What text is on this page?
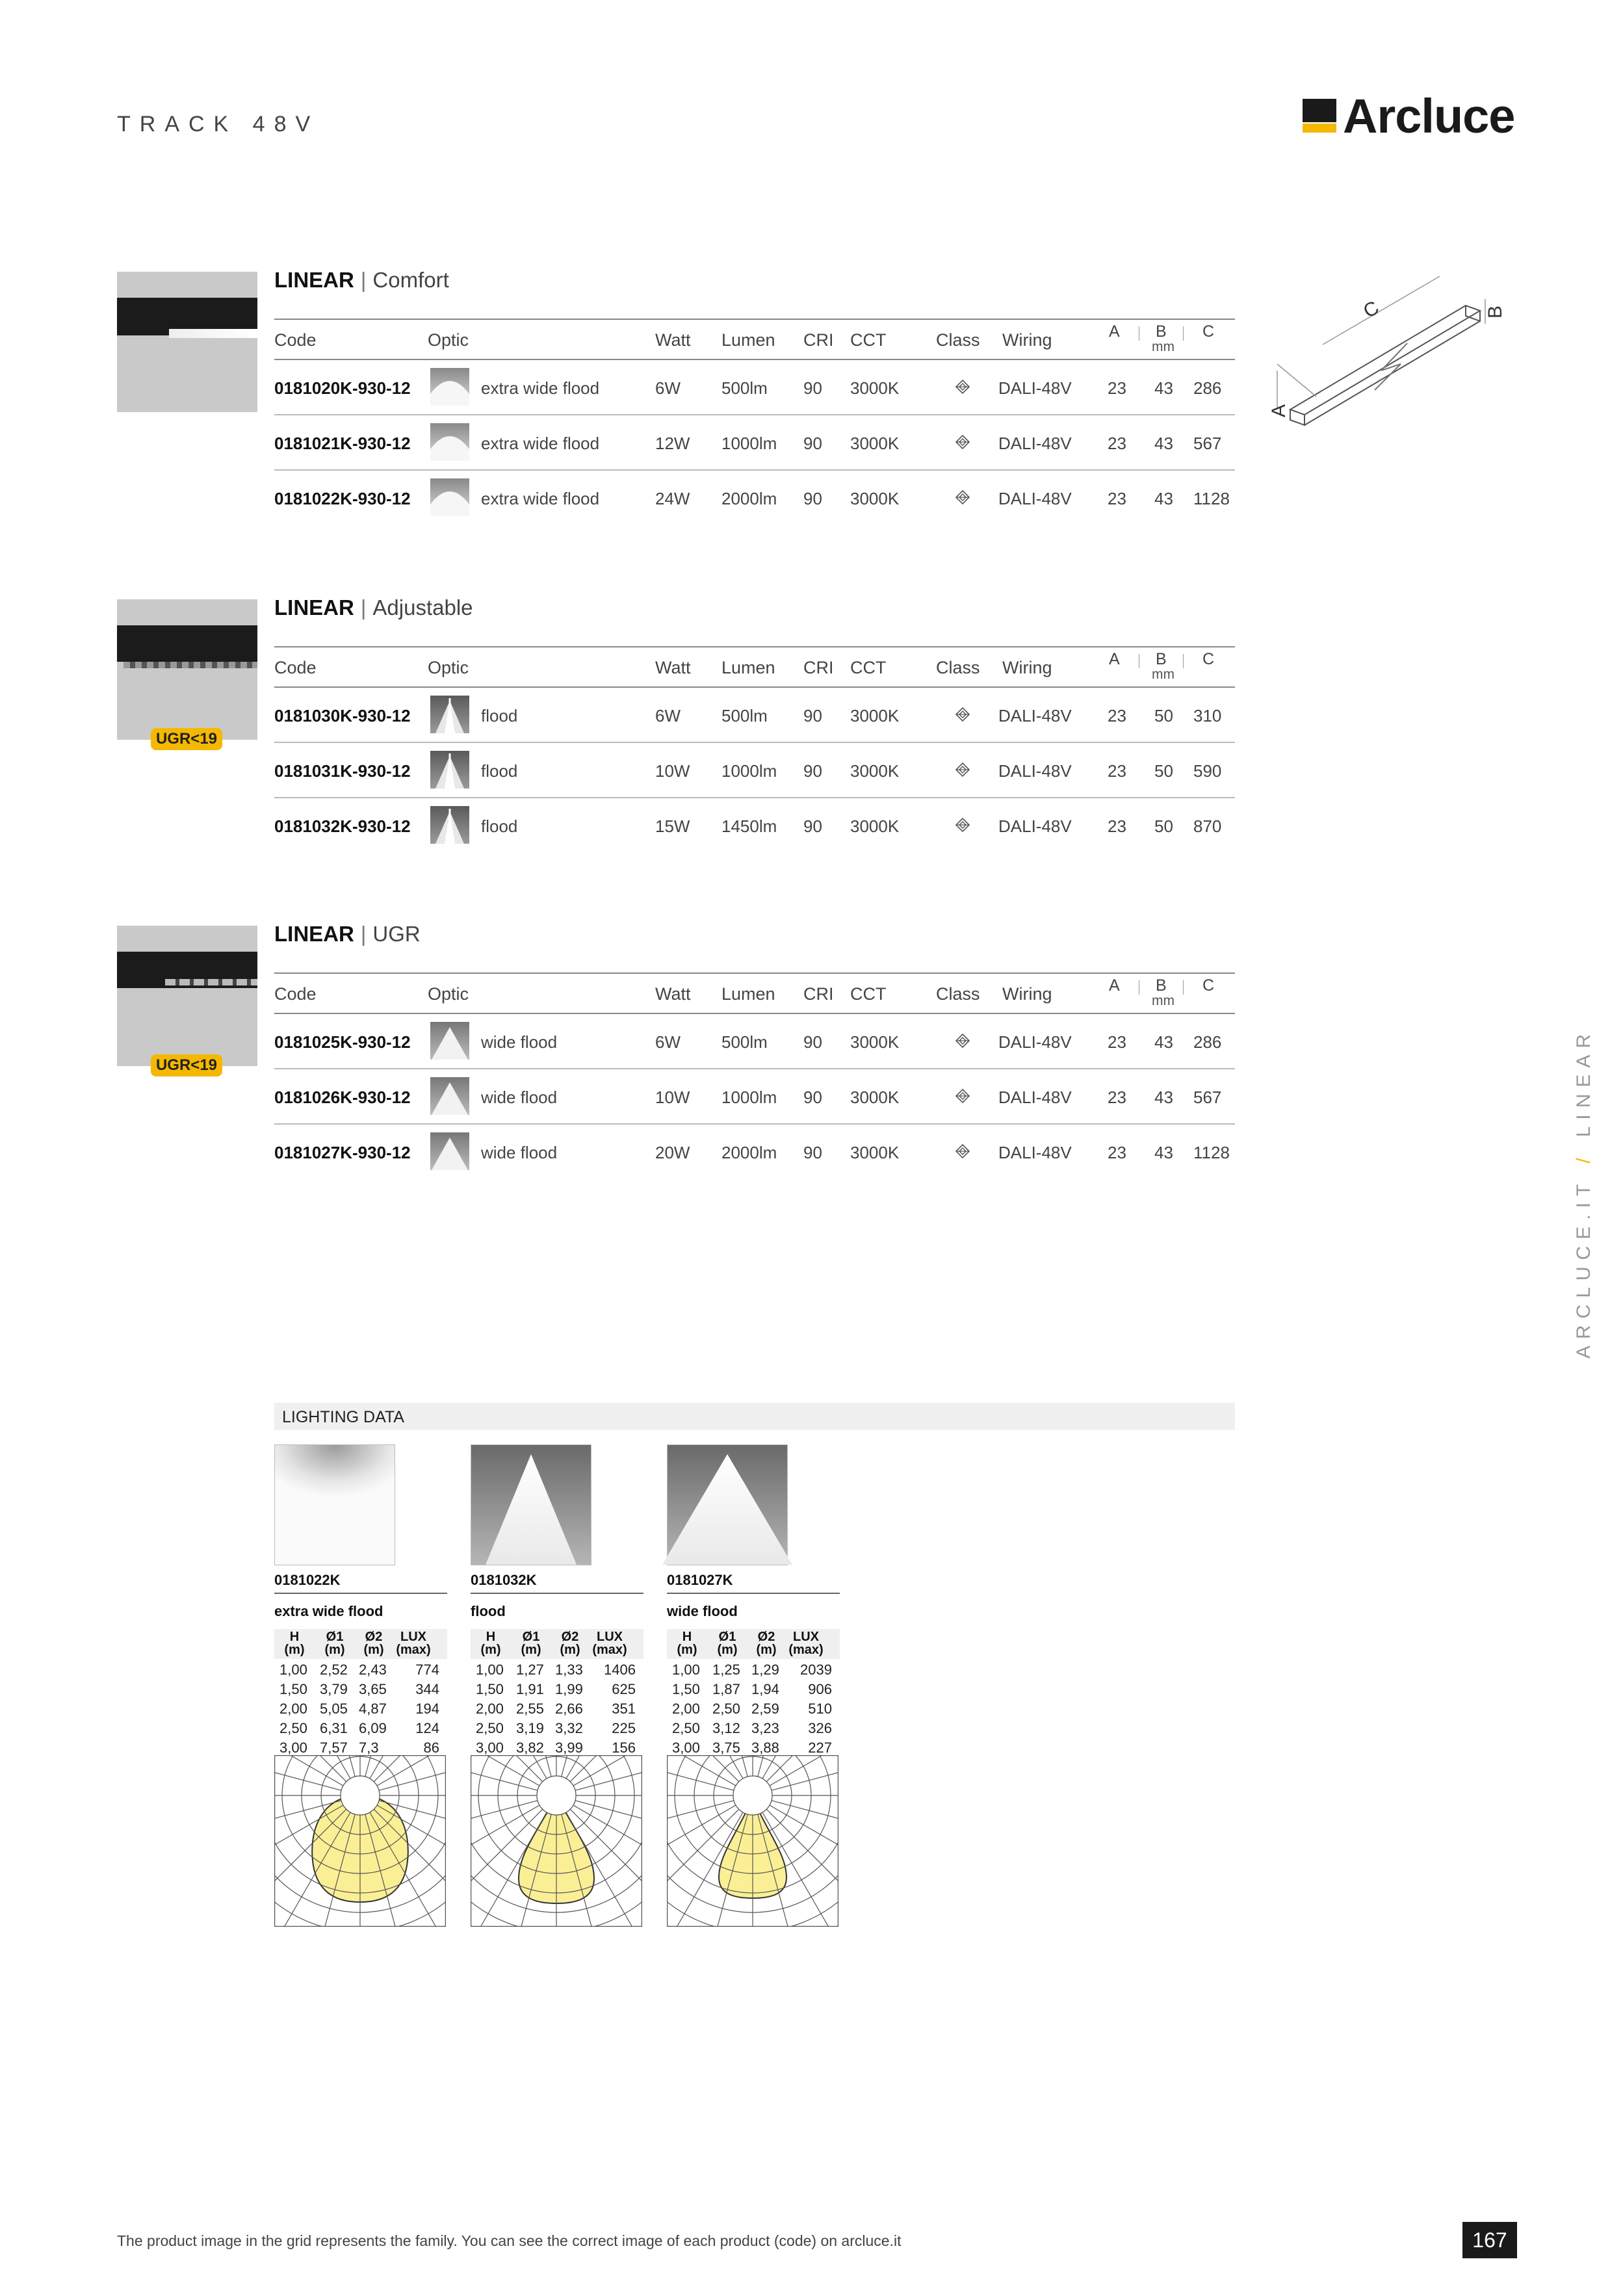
TRACK 48V	Arcluce
C	B
A
UGR<19
UGR<19
LINEAR | Comfort
LINEAR | Adjustable
LINEAR | UGR
Code	Optic	Watt Lumen CRI CCT	Class Wiring	A B C
mm
0181020K-930-12	extra wide flood	6W 500lm 90 3000K	DALI-48V 23 43 286
0181021K-930-12	extra wide flood	12W 1000lm 90 3000K	DALI-48V 23 43 567
0181022K-930-12	extra wide flood	24W 2000lm 90 3000K	DALI-48V 23 43 1128
Code	Optic	Watt Lumen CRI CCT	Class Wiring	A B C
mm
0181030K-930-12	flood	6W 500lm 90 3000K	DALI-48V 23 50 310
0181031K-930-12	flood	10W 1000lm 90 3000K	DALI-48V 23 50 590
0181032K-930-12	flood	15W 1450lm 90 3000K	DALI-48V 23 50 870
Code	Optic	Watt Lumen CRI CCT	Class Wiring	A B C
mm
0181025K-930-12	wide flood	6W 500lm 90 3000K	DALI-48V 23 43 286
0181026K-930-12	wide flood	10W 1000lm 90 3000K	DALI-48V 23 43 567
0181027K-930-12	wide flood	20W 2000lm 90 3000K	DALI-48V 23 43 1128
ARCLUCE.IT/LINEAR
LIGHTING DATA
0181022K
extra wide flood
H
(m)
Ø1
(m)
Ø2
(m)
LUX
(max)
1,00 2,52 2,43 774
1,50 3,79 3,65 344
2,00 5,05 4,87 194
2,50 6,31 6,09 124
3,00 7,57 7,3	86
0181032K
flood
H
(m)
Ø1
(m)
Ø2
(m)
LUX
(max)
1,00 1,27 1,33 1406
1,50 1,91 1,99 625
2,00 2,55 2,66 351
2,50 3,19 3,32 225
3,00 3,82 3,99 156
0181027K
wide flood
H
(m)
Ø1
(m)
Ø2
(m)
LUX
(max)
1,00 1,25 1,29 2039
1,50 1,87 1,94 906
2,00 2,50 2,59 510
2,50 3,12 3,23 326
3,00 3,75 3,88 227
The product image in the grid represents the family. You can see the correct image of each product (code) on arcluce.it	167
